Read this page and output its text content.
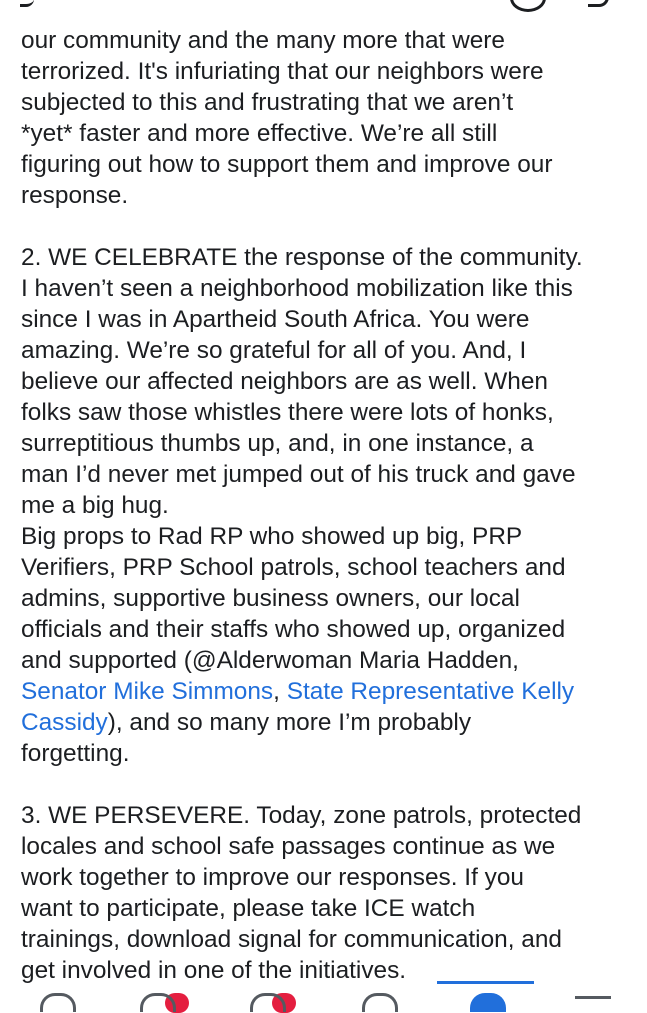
our community and the many more that were

terrorized. It's infuriating that our neighbors were

subjected to this and frustrating that we aren’t

*yet* faster and more effective. We’re all still

figuring out how to support them and improve our

response.

2. WE CELEBRATE the response of the community.

I haven’t seen a neighborhood mobilization like this

since I was in Apartheid South Africa. You were

amazing. We’re so grateful for all of you. And, I

believe our affected neighbors are as well. When

folks saw those whistles there were lots of honks,

surreptitious thumbs up, and, in one instance, a

man I’d never met jumped out of his truck and gave

me a big hug.

Big props to Rad RP who showed up big, PRP

Verifiers, PRP School patrols, school teachers and

admins, supportive business owners, our local

officials and their staffs who showed up, organized

and supported (@Alderwoman Maria Hadden,

Senator Mike Simmons, State Representative Kelly

Cassidy), and so many more I’m probably

forgetting.

3. WE PERSEVERE. Today, zone patrols, protected

locales and school safe passages continue as we

work together to improve our responses. If you

want to participate, please take ICE watch

trainings, download signal for communication, and

get involved in one of the initiatives.
